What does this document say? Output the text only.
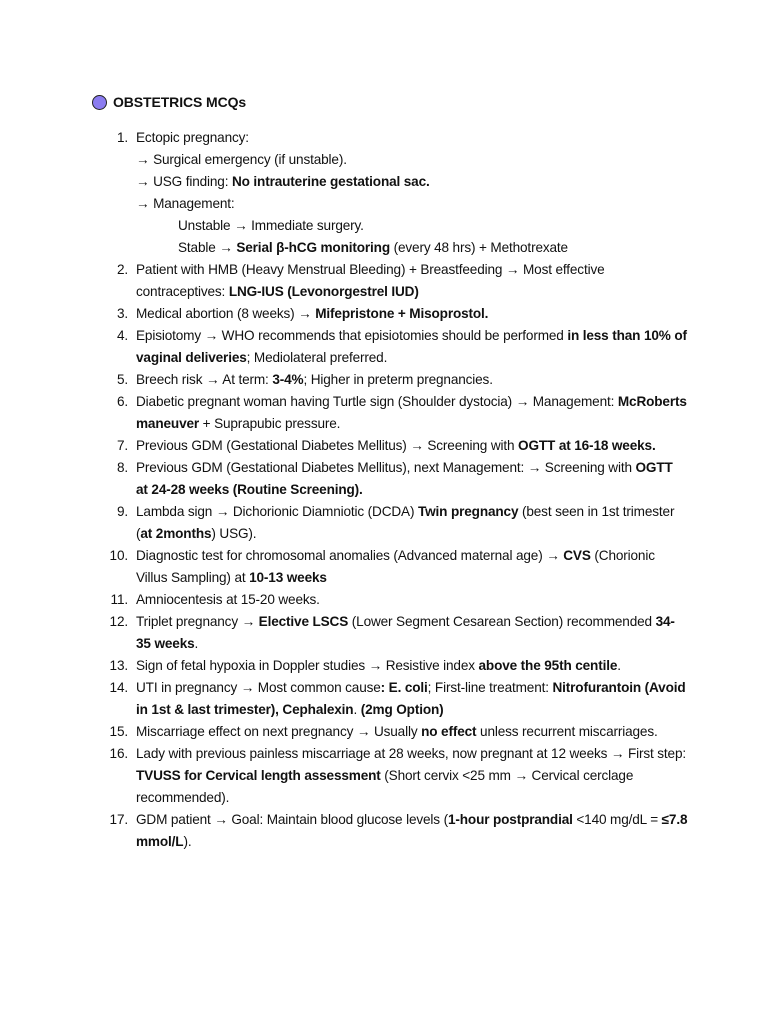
OBSTETRICS MCQs
1. Ectopic pregnancy:
→ Surgical emergency (if unstable).
→ USG finding: No intrauterine gestational sac.
→ Management:
Unstable → Immediate surgery.
Stable → Serial β-hCG monitoring (every 48 hrs) + Methotrexate
2. Patient with HMB (Heavy Menstrual Bleeding) + Breastfeeding → Most effective contraceptives: LNG-IUS (Levonorgestrel IUD)
3. Medical abortion (8 weeks) → Mifepristone + Misoprostol.
4. Episiotomy → WHO recommends that episiotomies should be performed in less than 10% of vaginal deliveries; Mediolateral preferred.
5. Breech risk → At term: 3-4%; Higher in preterm pregnancies.
6. Diabetic pregnant woman having Turtle sign (Shoulder dystocia) → Management: McRoberts maneuver + Suprapubic pressure.
7. Previous GDM (Gestational Diabetes Mellitus) → Screening with OGTT at 16-18 weeks.
8. Previous GDM (Gestational Diabetes Mellitus), next Management: → Screening with OGTT at 24-28 weeks (Routine Screening).
9. Lambda sign → Dichorionic Diamniotic (DCDA) Twin pregnancy (best seen in 1st trimester (at 2months) USG).
10. Diagnostic test for chromosomal anomalies (Advanced maternal age) → CVS (Chorionic Villus Sampling) at 10-13 weeks
11. Amniocentesis at 15-20 weeks.
12. Triplet pregnancy → Elective LSCS (Lower Segment Cesarean Section) recommended 34-35 weeks.
13. Sign of fetal hypoxia in Doppler studies → Resistive index above the 95th centile.
14. UTI in pregnancy → Most common cause: E. coli; First-line treatment: Nitrofurantoin (Avoid in 1st & last trimester), Cephalexin. (2mg Option)
15. Miscarriage effect on next pregnancy → Usually no effect unless recurrent miscarriages.
16. Lady with previous painless miscarriage at 28 weeks, now pregnant at 12 weeks → First step: TVUSS for Cervical length assessment (Short cervix <25 mm → Cervical cerclage recommended).
17. GDM patient → Goal: Maintain blood glucose levels (1-hour postprandial <140 mg/dL = ≤7.8 mmol/L).
